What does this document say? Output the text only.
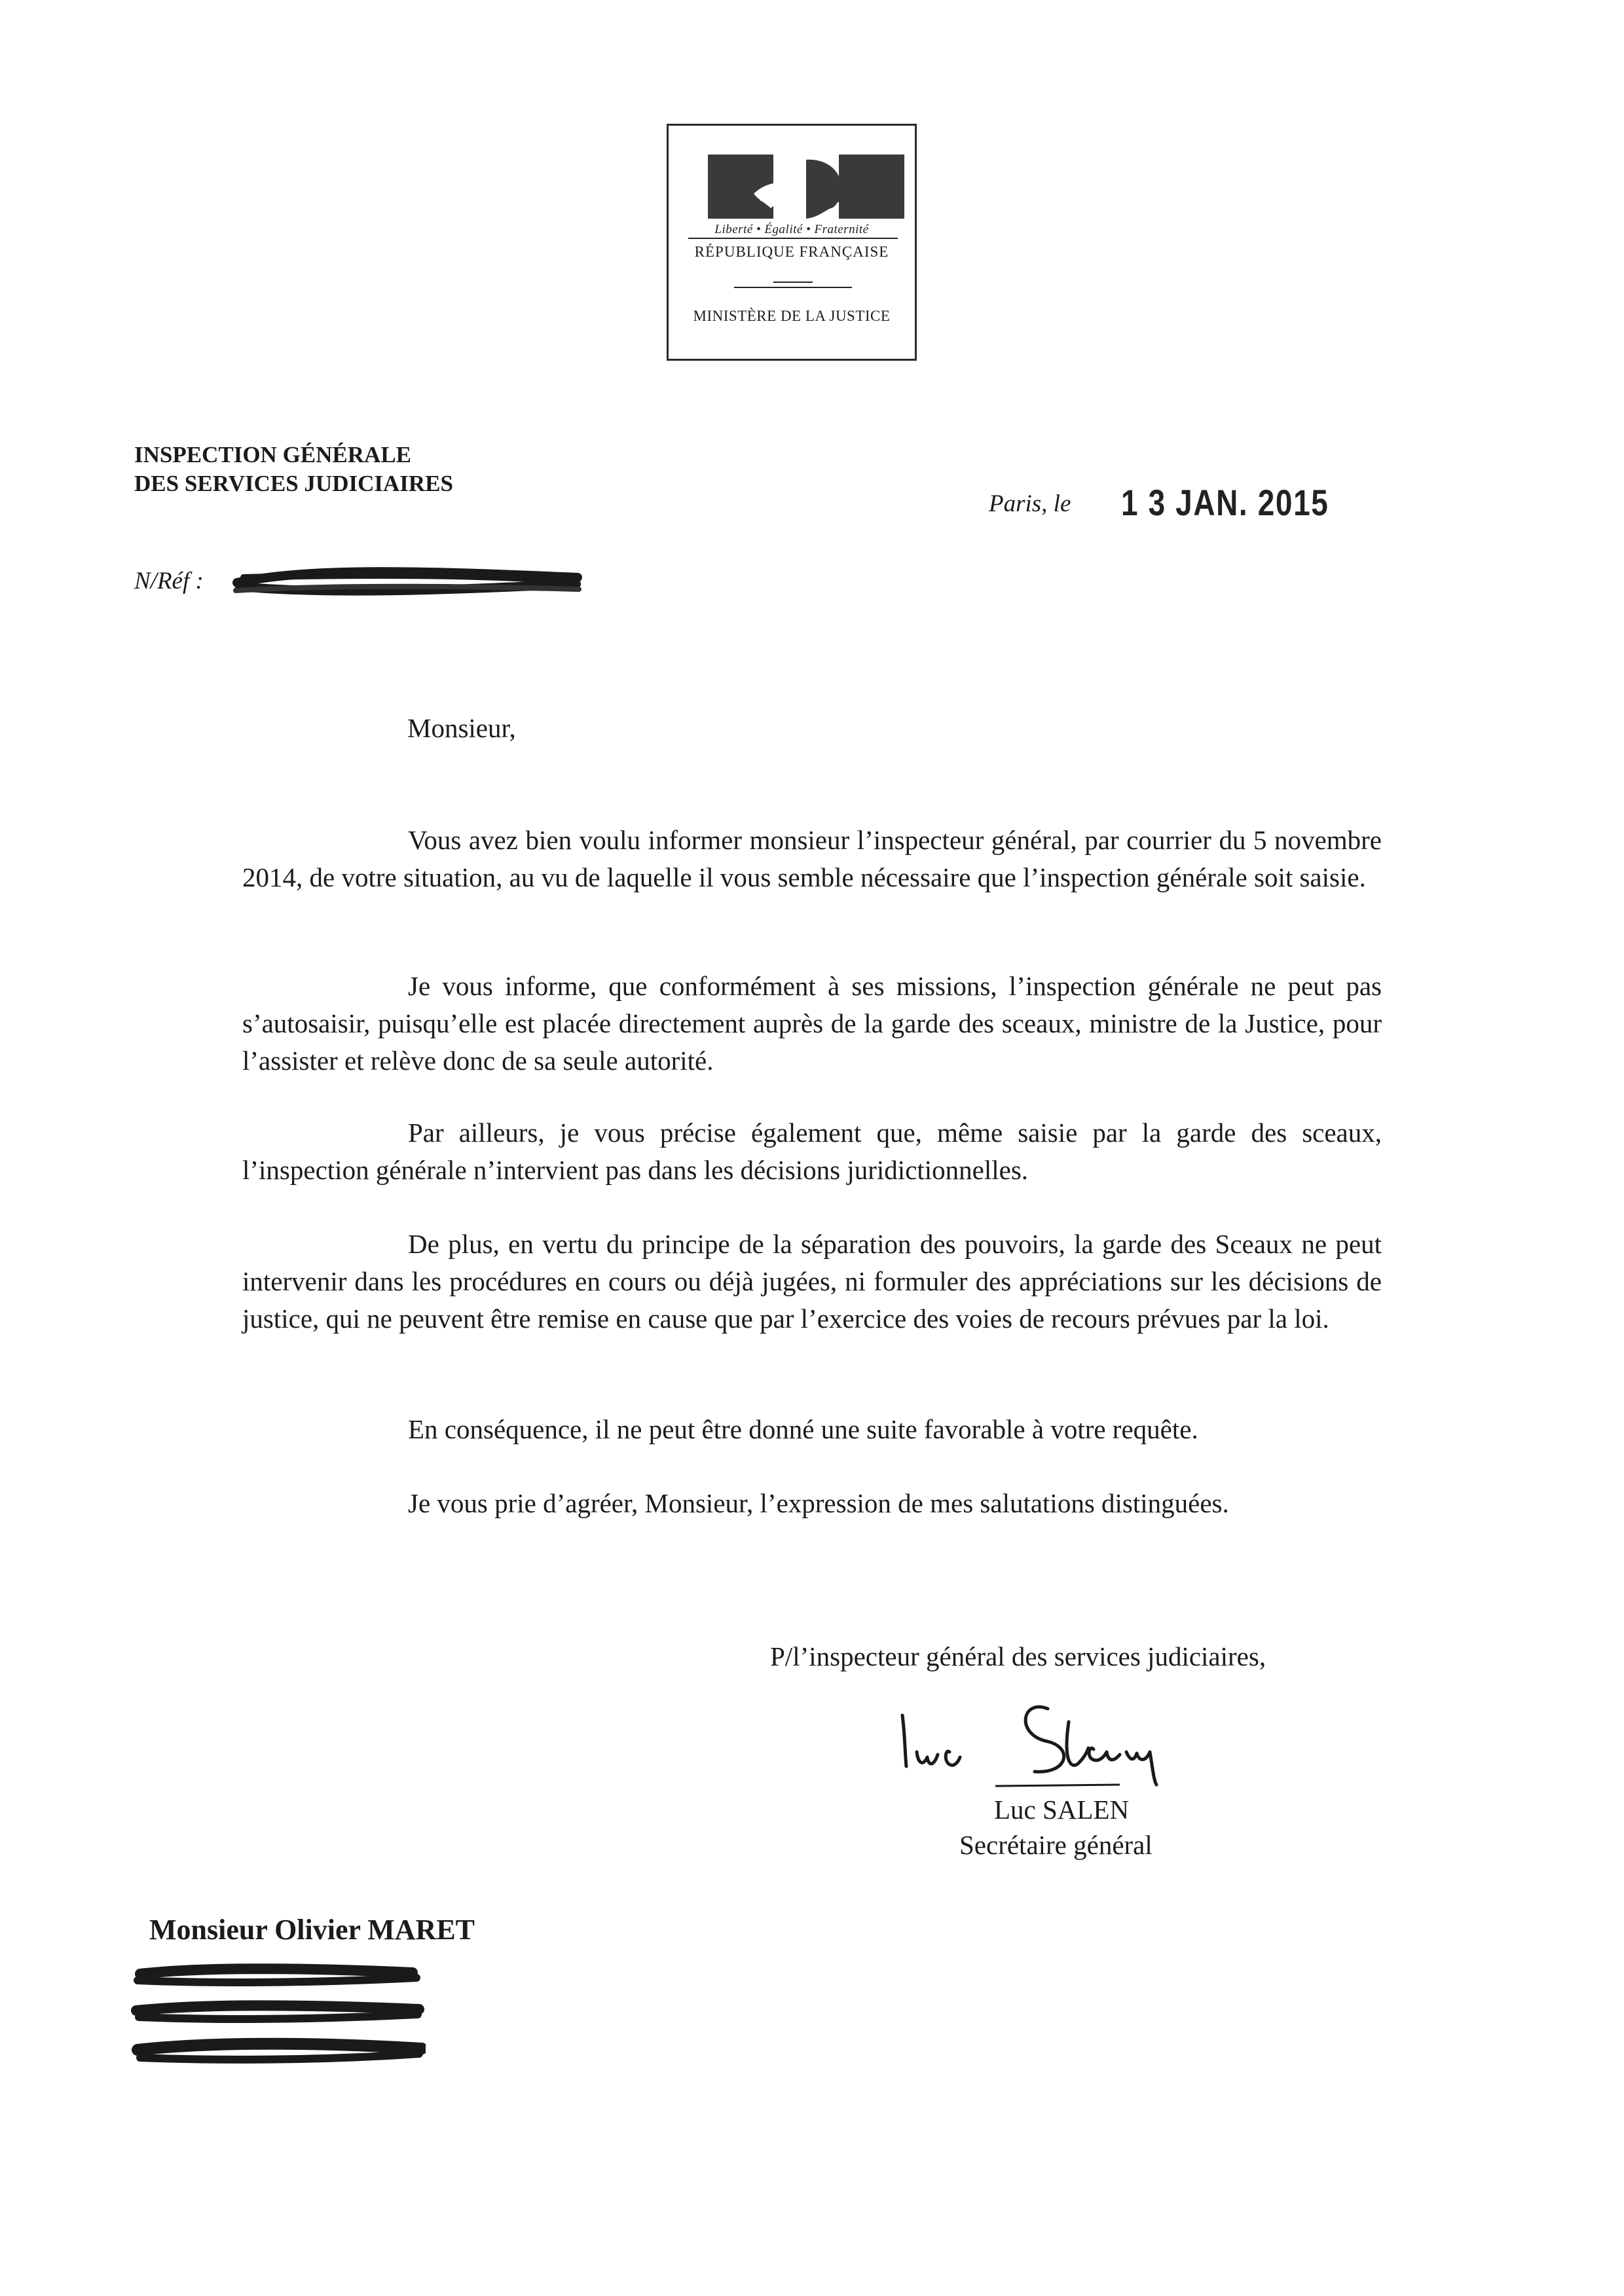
Liberté • Égalité • Fraternité
RÉPUBLIQUE FRANÇAISE
MINISTÈRE DE LA JUSTICE
INSPECTION GÉNÉRALE
DES SERVICES JUDICIAIRES
Paris, le 1 3 JAN. 2015
N/Réf :
Monsieur,

Vous avez bien voulu informer monsieur l’inspecteur général, par courrier du 5 novembre 2014, de votre situation, au vu de laquelle il vous semble nécessaire que l’inspection générale soit saisie.

Je vous informe, que conformément à ses missions, l’inspection générale ne peut pas s’autosaisir, puisqu’elle est placée directement auprès de la garde des sceaux, ministre de la Justice, pour l’assister et relève donc de sa seule autorité.

Par ailleurs, je vous précise également que, même saisie par la garde des sceaux, l’inspection générale n’intervient pas dans les décisions juridictionnelles.

De plus, en vertu du principe de la séparation des pouvoirs, la garde des Sceaux ne peut intervenir dans les procédures en cours ou déjà jugées, ni formuler des appréciations sur les décisions de justice, qui ne peuvent être remise en cause que par l’exercice des voies de recours prévues par la loi.

En conséquence, il ne peut être donné une suite favorable à votre requête.

Je vous prie d’agréer, Monsieur, l’expression de mes salutations distinguées.

P/l’inspecteur général des services judiciaires,
Luc SALEN
Secrétaire général
Monsieur Olivier MARET
